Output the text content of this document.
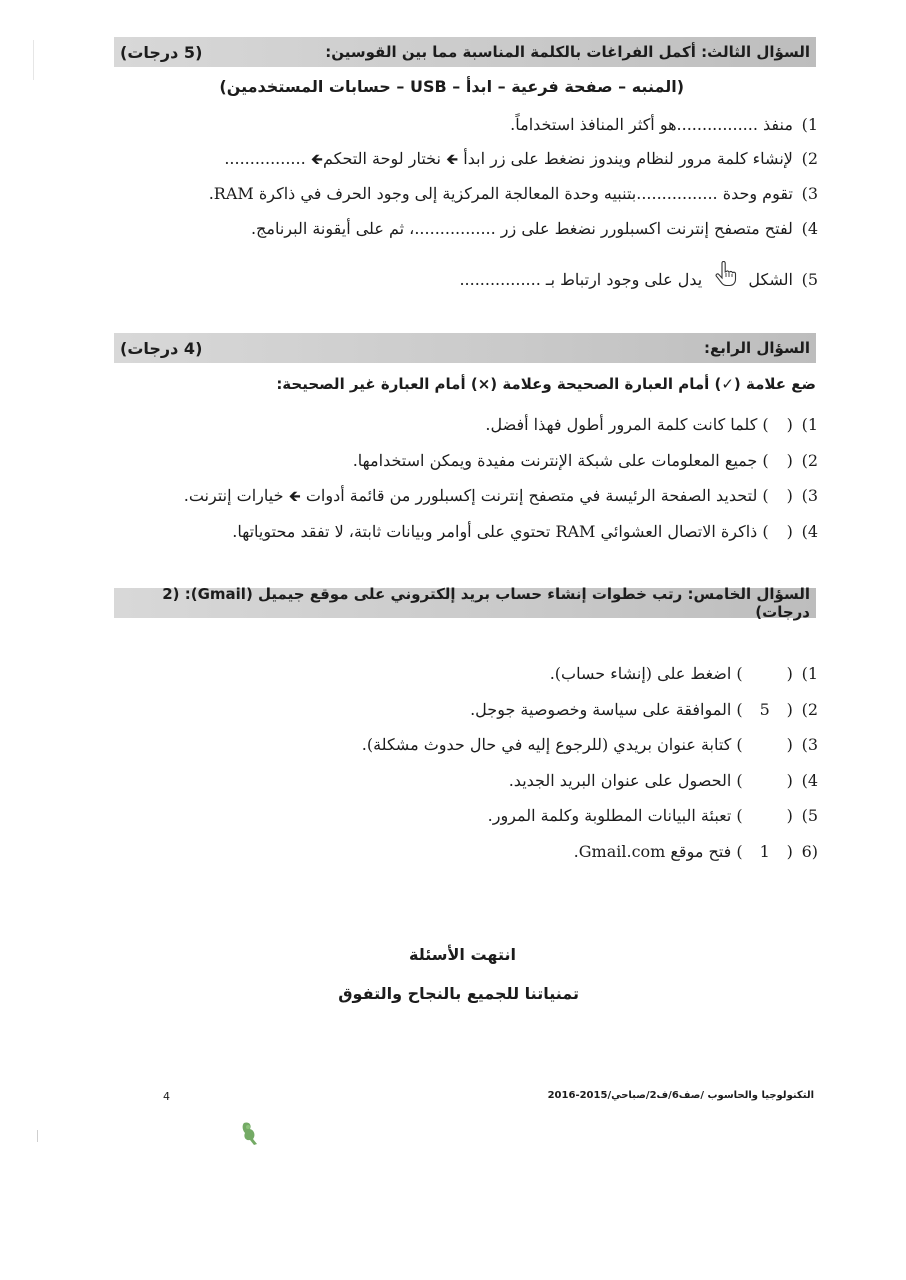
السؤال الثالث: أكمل الفراغات بالكلمة المناسبة مما بين القوسين:
(5 درجات)
(المنبه – صفحة فرعية – ابدأ – USB – حسابات المستخدمين)
1) منفذ ................هو أكثر المنافذ استخداماً.
2) لإنشاء كلمة مرور لنظام ويندوز نضغط على زر ابدأ 🡸 نختار لوحة التحكم🡸 ................
3) تقوم وحدة ................بتنبيه وحدة المعالجة المركزية إلى وجود الحرف في ذاكرة RAM.
4) لفتح متصفح إنترنت اكسبلورر نضغط على زر ................، ثم على أيقونة البرنامج.
5) الشكل  يدل على وجود ارتباط بـ ................
السؤال الرابع:
(4 درجات)
ضع علامة (✓) أمام العبارة الصحيحة وعلامة (×) أمام العبارة غير الصحيحة:
1) () كلما كانت كلمة المرور أطول فهذا أفضل.
2) () جميع المعلومات على شبكة الإنترنت مفيدة ويمكن استخدامها.
3) () لتحديد الصفحة الرئيسة في متصفح إنترنت إكسبلورر من قائمة أدوات 🡸 خيارات إنترنت.
4) () ذاكرة الاتصال العشوائي RAM تحتوي على أوامر وبيانات ثابتة، لا تفقد محتوياتها.
السؤال الخامس: رتب خطوات إنشاء حساب بريد إلكتروني على موقع جيميل (Gmail): (2 درجات)
1) () اضغط على (إنشاء حساب).
2) (5) الموافقة على سياسة وخصوصية جوجل.
3) () كتابة عنوان بريدي (للرجوع إليه في حال حدوث مشكلة).
4) () الحصول على عنوان البريد الجديد.
5) () تعبئة البيانات المطلوبة وكلمة المرور.
(6 (1) فتح موقع Gmail.com.
انتهت الأسئلة
تمنياتنا للجميع بالنجاح والتفوق
4	التكنولوجيا والحاسوب /صف6/ف2/صباحي/2015-2016
